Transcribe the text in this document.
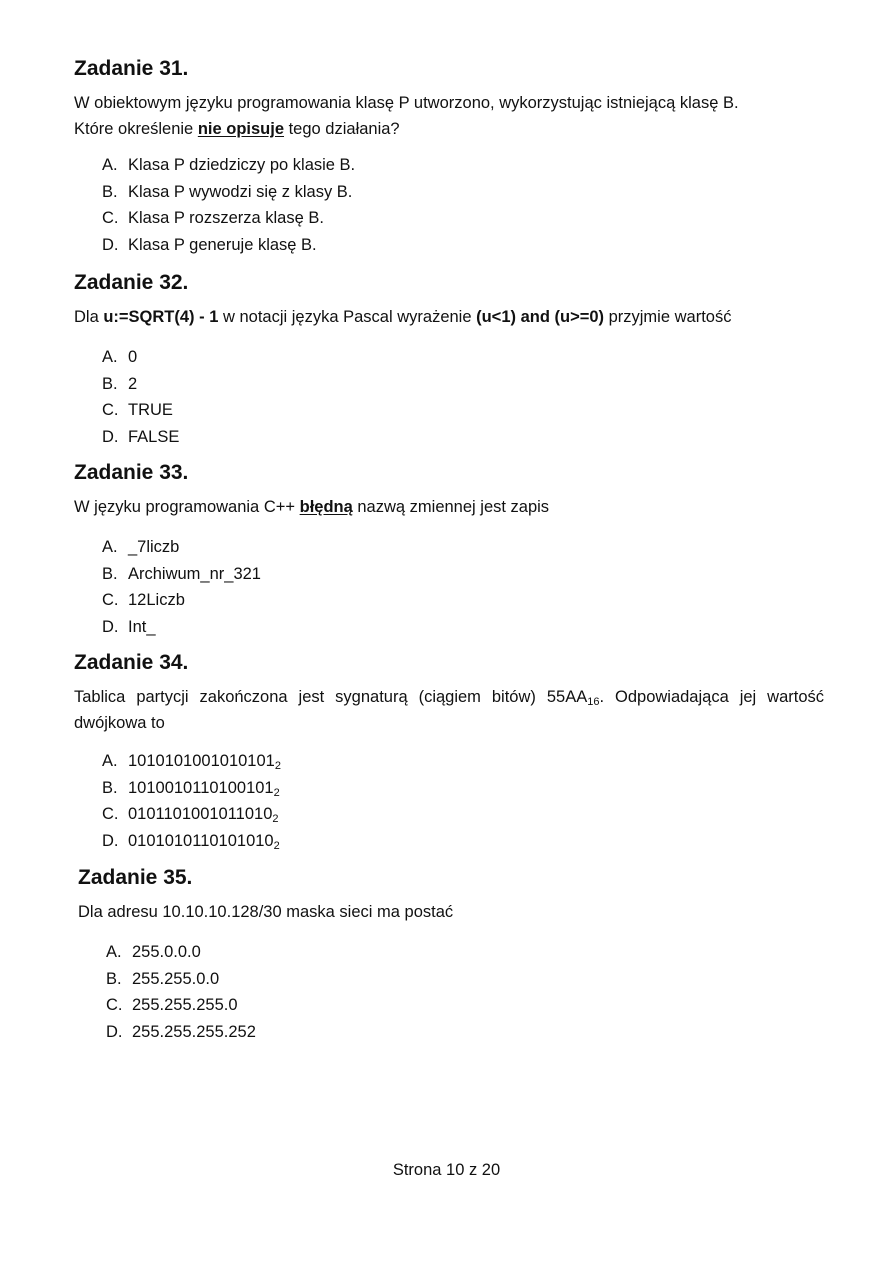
Zadanie 31.

W obiektowym języku programowania klasę P utworzono, wykorzystując istniejącą klasę B.
Które określenie nie opisuje tego działania?

A. Klasa P dziedziczy po klasie B.
B. Klasa P wywodzi się z klasy B.
C. Klasa P rozszerza klasę B.
D. Klasa P generuje klasę B.
Zadanie 32.

Dla u:=SQRT(4) - 1 w notacji języka Pascal wyrażenie (u<1) and (u>=0) przyjmie wartość

A. 0
B. 2
C. TRUE
D. FALSE
Zadanie 33.

W języku programowania C++ błędną nazwą zmiennej jest zapis

A. _7liczb
B. Archiwum_nr_321
C. 12Liczb
D. Int_
Zadanie 34.

Tablica partycji zakończona jest sygnaturą (ciągiem bitów) $55AA_{16}$. Odpowiadająca jej wartość dwójkowa to

A. $1010101001010101_2$
B. $1010010110100101_2$
C. $0101101001011010_2$
D. $0101010110101010_2$
Zadanie 35.

Dla adresu 10.10.10.128/30 maska sieci ma postać

A. 255.0.0.0
B. 255.255.0.0
C. 255.255.255.0
D. 255.255.255.252
Strona 10 z 20
